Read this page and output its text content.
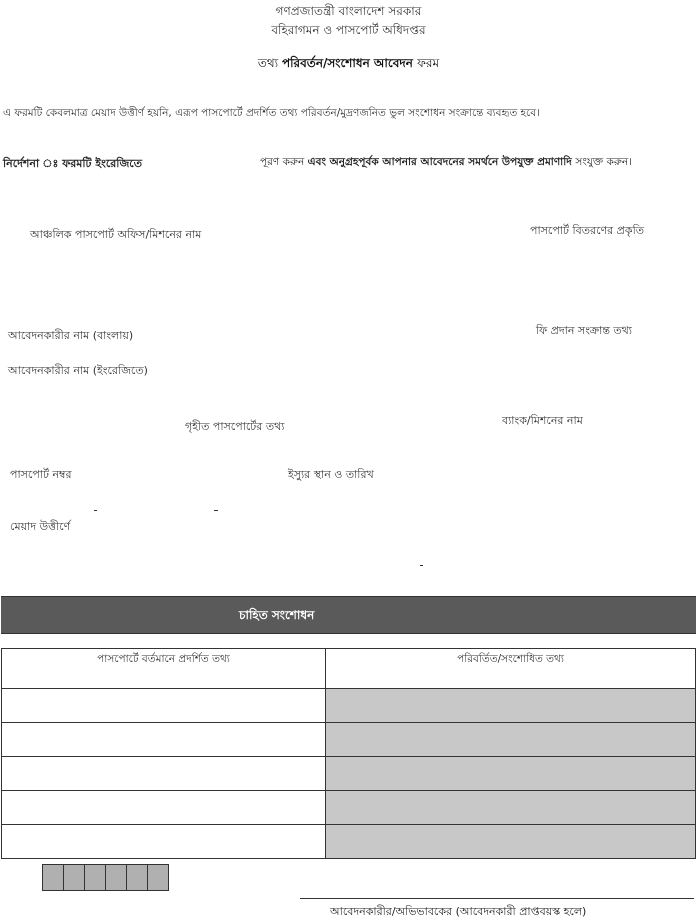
গণপ্রজাতন্ত্রী বাংলাদেশ সরকার
বহিরাগমন ও পাসপোর্ট অধিদপ্তর
তথ্য পরিবর্তন/সংশোধন আবেদন ফরম
এ ফরমটি কেবলমাত্র মেয়াদ উত্তীর্ণ হয়নি, এরূপ পাসপোর্টে প্রদর্শিত তথ্য পরিবর্তন/মুদ্রণজনিত ভুল সংশোধন সংক্রান্তে ব্যবহৃত হবে।
নির্দেশনা ঃ ফরমটি ইংরেজিতে	পূরণ করুন এবং অনুগ্রহপূর্বক আপনার আবেদনের সমর্থনে উপযুক্ত প্রমাণাদি সংযুক্ত করুন।
আঞ্চলিক পাসপোর্ট অফিস/মিশনের নাম	পাসপোর্ট বিতরণের প্রকৃতি
আবেদনকারীর নাম (বাংলায়)	ফি প্রদান সংক্রান্ত তথ্য
আবেদনকারীর নাম (ইংরেজিতে)
গৃহীত পাসপোর্টের তথ্য	ব্যাংক/মিশনের নাম
পাসপোর্ট নম্বর	ইস্যুর স্থান ও তারিখ
মেয়াদ উত্তীর্ণে
চাহিত সংশোধন
পাসপোর্টে বর্তমানে প্রদর্শিত তথ্য	পরিবর্তিত/সংশোধিত তথ্য

আবেদনকারীর/অভিভাবকের (আবেদনকারী প্রাপ্তবয়স্ক হলে)
